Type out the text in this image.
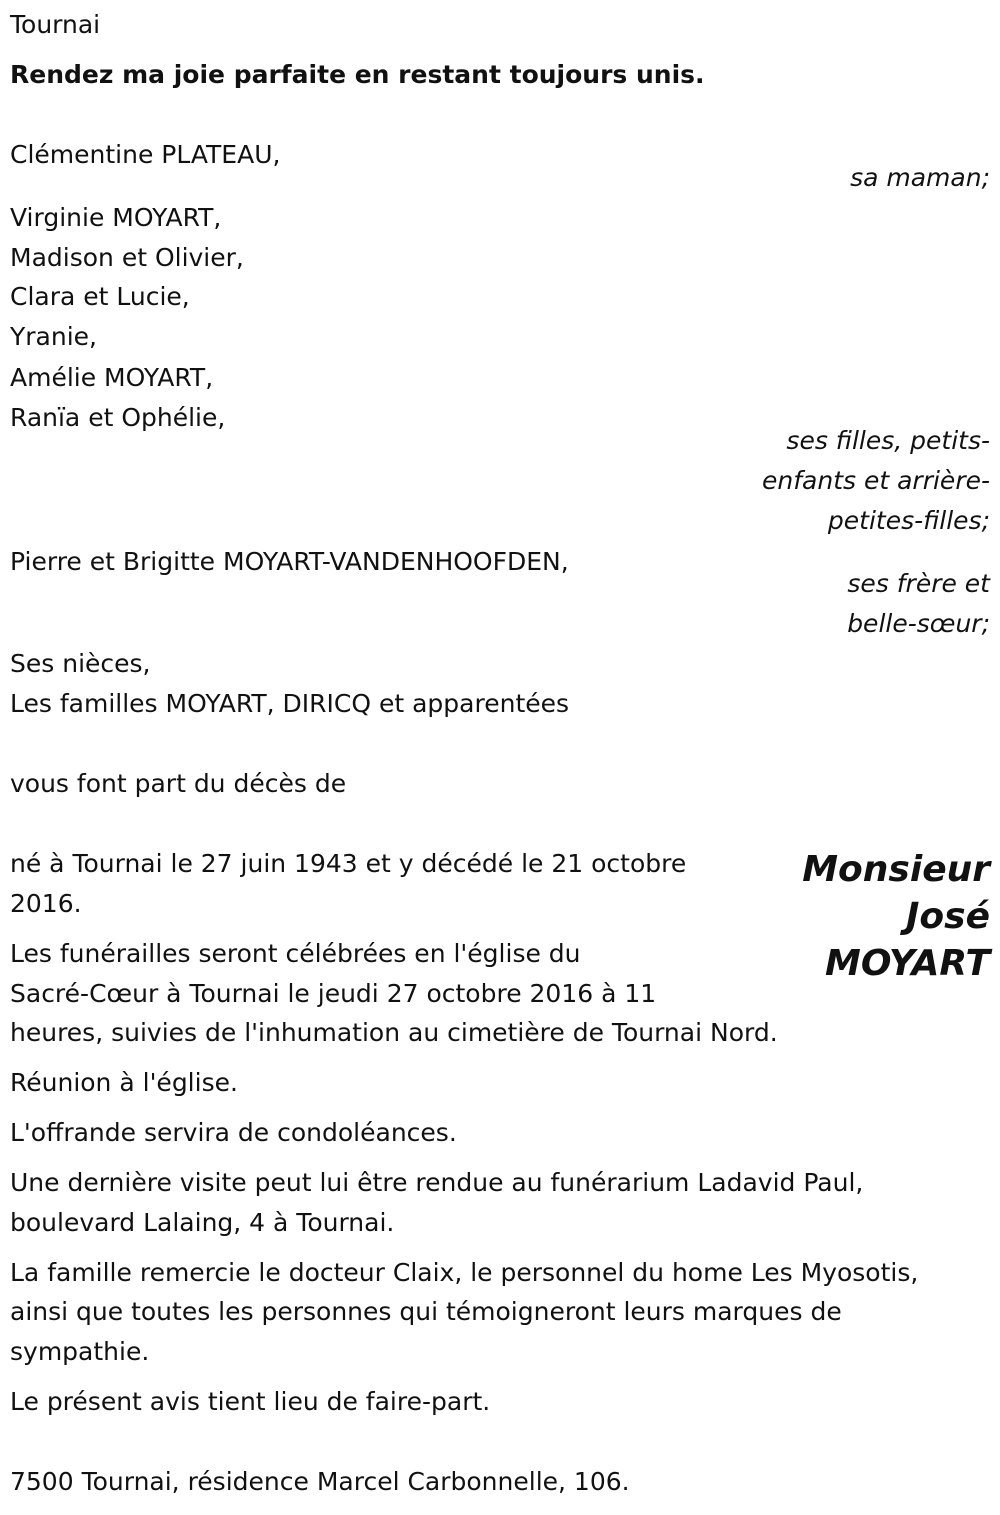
Tournai
Rendez ma joie parfaite en restant toujours unis.
Clémentine PLATEAU,
sa maman;
Virginie MOYART,
Madison et Olivier,
Clara et Lucie,
Yranie,
Amélie MOYART,
Ranïa et Ophélie,
ses filles, petits-
enfants et arrière-
petites-filles;
Pierre et Brigitte MOYART-VANDENHOOFDEN,
ses frère et
belle-sœur;
Ses nièces,
Les familles MOYART, DIRICQ et apparentées
vous font part du décès de
Monsieur
José
MOYART
né à Tournai le 27 juin 1943 et y décédé le 21 octobre
2016.
Les funérailles seront célébrées en l'église du
Sacré-Cœur à Tournai le jeudi 27 octobre 2016 à 11
heures, suivies de l'inhumation au cimetière de Tournai Nord.
Réunion à l'église.
L'offrande servira de condoléances.
Une dernière visite peut lui être rendue au funérarium Ladavid Paul,
boulevard Lalaing, 4 à Tournai.
La famille remercie le docteur Claix, le personnel du home Les Myosotis,
ainsi que toutes les personnes qui témoigneront leurs marques de
sympathie.
Le présent avis tient lieu de faire-part.
7500 Tournai, résidence Marcel Carbonnelle, 106.
